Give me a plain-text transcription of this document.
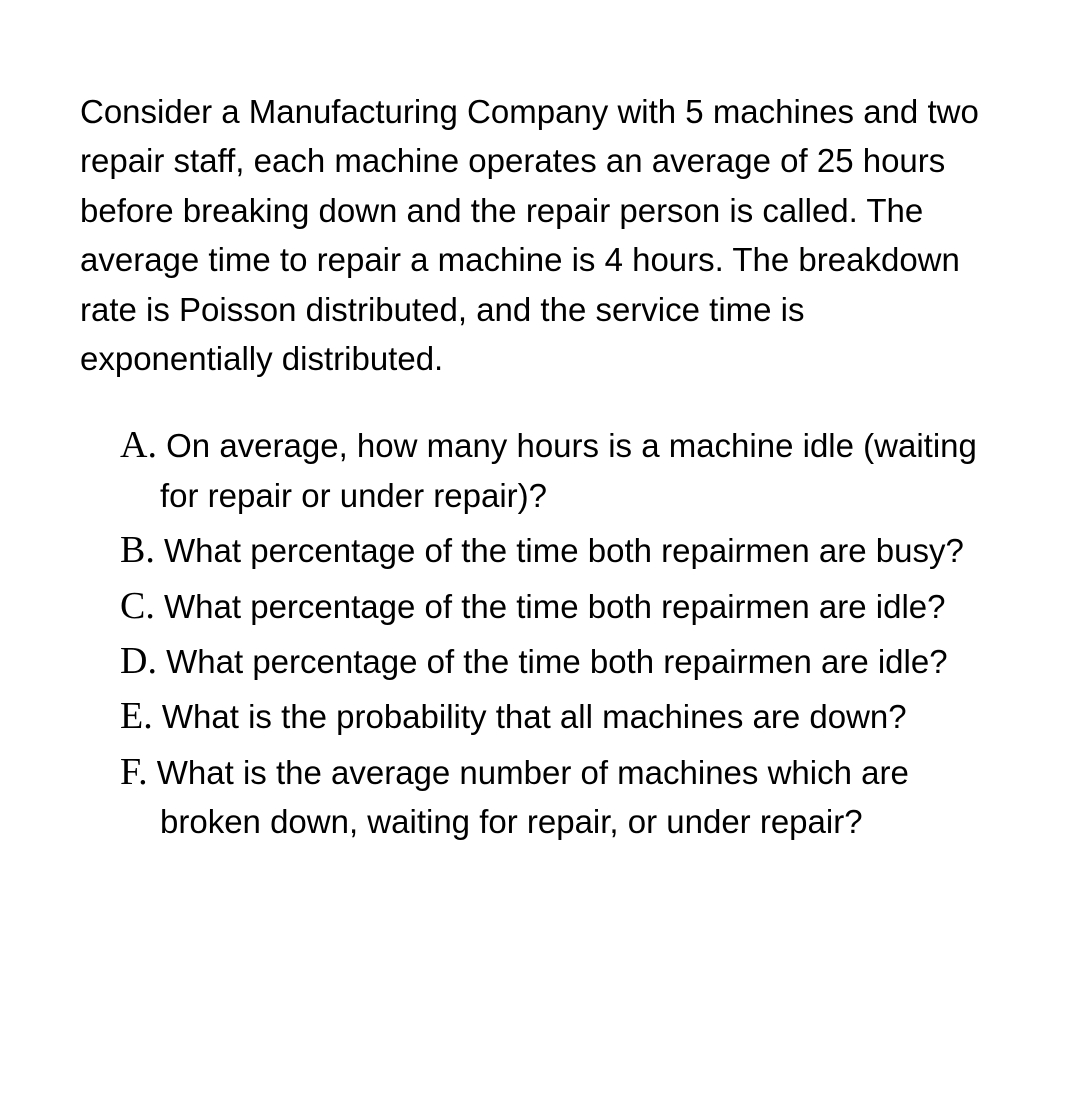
Consider a Manufacturing Company with 5 machines and two repair staff, each machine operates an average of 25 hours before breaking down and the repair person is called. The average time to repair a machine is 4 hours. The breakdown rate is Poisson distributed, and the service time is exponentially distributed.

A. On average, how many hours is a machine idle (waiting for repair or under repair)?
B. What percentage of the time both repairmen are busy?
C. What percentage of the time both repairmen are idle?
D. What percentage of the time both repairmen are idle?
E. What is the probability that all machines are down?
F. What is the average number of machines which are broken down, waiting for repair, or under repair?
